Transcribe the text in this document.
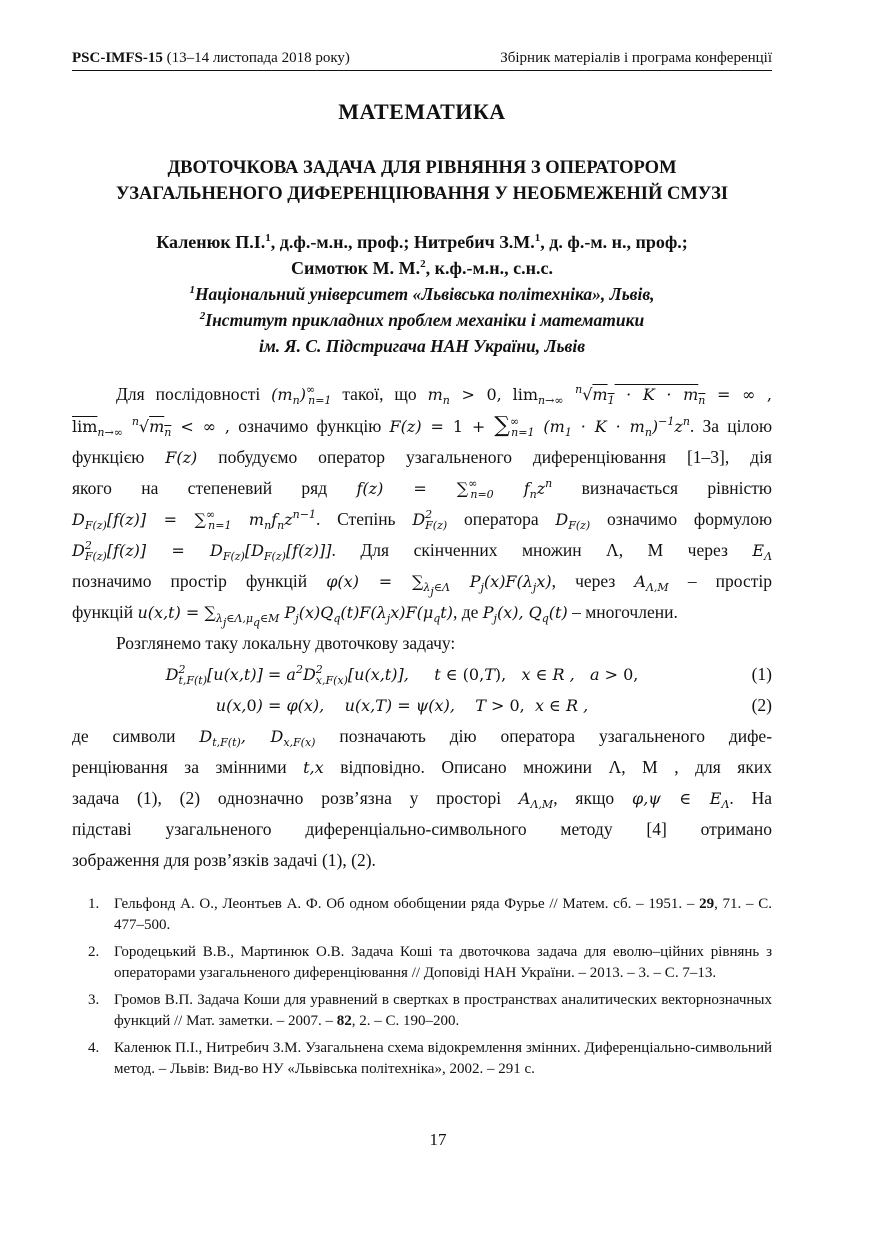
PSC-IMFS-15 (13–14 листопада 2018 року)	Збірник матеріалів і програма конференції
МАТЕМАТИКА
ДВОТОЧКОВА ЗАДАЧА ДЛЯ РІВНЯННЯ З ОПЕРАТОРОМ
УЗАГАЛЬНЕНОГО ДИФЕРЕНЦІЮВАННЯ У НЕОБМЕЖЕНІЙ СМУЗІ
Каленюк П.І.$^1$, д.ф.-м.н., проф.; Нитребич З.М.$^1$, д. ф.-м. н., проф.;
Симотюк М. М.$^2$, к.ф.-м.н., с.н.с.
$^1$Національний університет «Львівська політехніка», Львів,
$^2$Інститут прикладних проблем механіки і математики
ім. Я. С. Підстригача НАН України, Львів

Для послідовності $(m_n)^\infty_{n=1}$ такої, що $m_n > 0$, $\lim_{n\to\infty} ^n√m_1 \cdot K \cdot m_n$ = ∞ ,

$\overline{lim}_{n\to\infty}$ $^n√m_n$ < ∞ , означимо функцію $F(z) = 1 + \sum^\infty_{n=1}$ $(m_1 \cdot K \cdot m_n)^{-1}z^n$. За цілою

функцією F(z) побудуємо оператор узагальненого диференціювання [1–3], дія

якого на степеневий ряд $f(z) = \sum^\infty_{n=0}$ $f_nz^n$ визначається рівністю

$D_{F(z)}[f(z)] = \sum^\infty_{n=1}$ $m_nf_nz^{n-1}$. Степінь $D^2_{F(z)}$ оператора $D_{F(z)}$ означимо формулою

$D^2_{F(z)}[f(z)] = D_{F(z)}[D_{F(z)}[f(z)]]$. Для скінченних множин Λ, Μ через $E_\Lambda$

позначимо простір функцій $\varphi(x) = \sum_{\lambda_j\in\Lambda}$ $P_j(x)F(\lambda_jx)$, через $A_{\Lambda,M}$ – простір

функцій $u(x,t) = \sum_{\lambda_j\in\Lambda,\mu_q\in M}$ $P_j(x)Q_q(t)F(\lambda_jx)F(\mu_qt)$, де $P_j(x)$, $Q_q(t)$ – многочлени.

Розглянемо таку локальну двоточкову задачу:

$D^2_{t,F(t)}[u(x,t)] = a^2D^2_{x,F(x)}[u(x,t)]$,     t ∈ (0,T),   x ∈ R ,   a > 0,	(1)
u(x,0) = φ(x),    u(x,T) = ψ(x),    T > 0,  x ∈ R ,	(2)

де символи $D_{t,F(t)}$, $D_{x,F(x)}$ позначають дію оператора узагальненого дифе-

ренціювання за змінними t,x відповідно. Описано множини Λ, Μ , для яких

задача (1), (2) однозначно розв’язна у просторі $A_{\Lambda,M}$, якщо φ,ψ ∈ $E_\Lambda$. На

підставі узагальненого диференціально-символьного методу [4] отримано

зображення для розв’язків задачі (1), (2).

1. Гельфонд А. О., Леонтьев А. Ф. Об одном обобщении ряда Фурье // Матем. сб. – 1951. – 29, 71. – С. 477–500.
2. Городецький В.В., Мартинюк О.В. Задача Коші та двоточкова задача для еволю–ційних рівнянь з операторами узагальненого диференціювання // Доповіді НАН України. – 2013. – 3. – С. 7–13.
3. Громов В.П. Задача Коши для уравнений в свертках в пространствах аналитических векторнозначных функций // Мат. заметки. – 2007. – 82, 2. – С. 190–200.
4. Каленюк П.І., Нитребич З.М. Узагальнена схема відокремлення змінних. Диференціально-символьний метод. – Львів: Вид-во НУ «Львівська політехніка», 2002. – 291 с.
17
